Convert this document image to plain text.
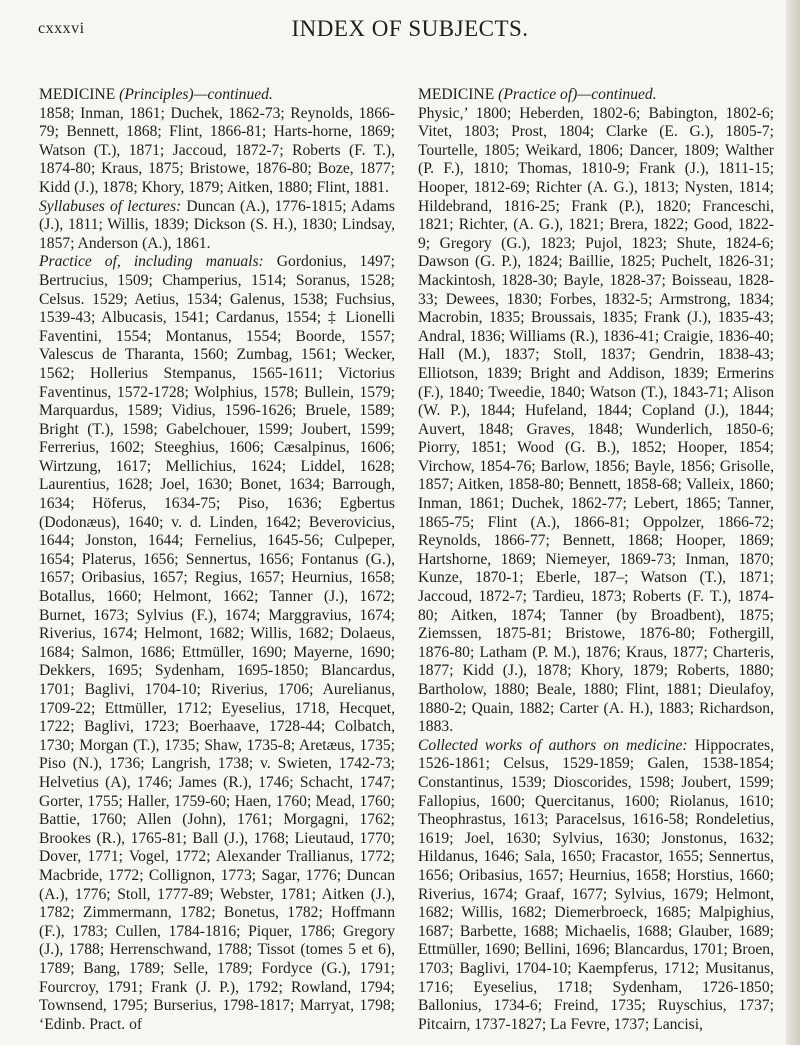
cxxxvi	INDEX OF SUBJECTS.

MEDICINE (Principles)—continued.

1858; Inman, 1861; Duchek, 1862-73; Reynolds, 1866-79; Bennett, 1868; Flint, 1866-81; Harts-horne, 1869; Watson (T.), 1871; Jaccoud, 1872-7; Roberts (F. T.), 1874-80; Kraus, 1875; Bristowe, 1876-80; Boze, 1877; Kidd (J.), 1878; Khory, 1879; Aitken, 1880; Flint, 1881.

Syllabuses of lectures: Duncan (A.), 1776-1815; Adams (J.), 1811; Willis, 1839; Dickson (S. H.), 1830; Lindsay, 1857; Anderson (A.), 1861.

Practice of, including manuals: Gordonius, 1497; Bertrucius, 1509; Champerius, 1514; Soranus, 1528; Celsus. 1529; Aetius, 1534; Galenus, 1538; Fuchsius, 1539-43; Albucasis, 1541; Cardanus, 1554; ‡ Lionelli Faventini, 1554; Montanus, 1554; Boorde, 1557; Valescus de Tharanta, 1560; Zumbag, 1561; Wecker, 1562; Hollerius Stempanus, 1565-1611; Victorius Faventinus, 1572-1728; Wolphius, 1578; Bullein, 1579; Marquardus, 1589; Vidius, 1596-1626; Bruele, 1589; Bright (T.), 1598; Gabelchouer, 1599; Joubert, 1599; Ferrerius, 1602; Steeghius, 1606; Cæsalpinus, 1606; Wirtzung, 1617; Mellichius, 1624; Liddel, 1628; Laurentius, 1628; Joel, 1630; Bonet, 1634; Barrough, 1634; Höferus, 1634-75; Piso, 1636; Egbertus (Dodonæus), 1640; v. d. Linden, 1642; Beverovicius, 1644; Jonston, 1644; Fernelius, 1645-56; Culpeper, 1654; Platerus, 1656; Sennertus, 1656; Fontanus (G.), 1657; Oribasius, 1657; Regius, 1657; Heurnius, 1658; Botallus, 1660; Helmont, 1662; Tanner (J.), 1672; Burnet, 1673; Sylvius (F.), 1674; Marggravius, 1674; Riverius, 1674; Helmont, 1682; Willis, 1682; Dolaeus, 1684; Salmon, 1686; Ettmüller, 1690; Mayerne, 1690; Dekkers, 1695; Sydenham, 1695-1850; Blancardus, 1701; Baglivi, 1704-10; Riverius, 1706; Aurelianus, 1709-22; Ettmüller, 1712; Eyeselius, 1718, Hecquet, 1722; Baglivi, 1723; Boerhaave, 1728-44; Colbatch, 1730; Morgan (T.), 1735; Shaw, 1735-8; Aretæus, 1735; Piso (N.), 1736; Langrish, 1738; v. Swieten, 1742-73; Helvetius (A), 1746; James (R.), 1746; Schacht, 1747; Gorter, 1755; Haller, 1759-60; Haen, 1760; Mead, 1760; Battie, 1760; Allen (John), 1761; Morgagni, 1762; Brookes (R.), 1765-81; Ball (J.), 1768; Lieutaud, 1770; Dover, 1771; Vogel, 1772; Alexander Trallianus, 1772; Macbride, 1772; Collignon, 1773; Sagar, 1776; Duncan (A.), 1776; Stoll, 1777-89; Webster, 1781; Aitken (J.), 1782; Zimmermann, 1782; Bonetus, 1782; Hoffmann (F.), 1783; Cullen, 1784-1816; Piquer, 1786; Gregory (J.), 1788; Herrenschwand, 1788; Tissot (tomes 5 et 6), 1789; Bang, 1789; Selle, 1789; Fordyce (G.), 1791; Fourcroy, 1791; Frank (J. P.), 1792; Rowland, 1794; Townsend, 1795; Burserius, 1798-1817; Marryat, 1798; ‘Edinb. Pract. of

MEDICINE (Practice of)—continued.

Physic,’ 1800; Heberden, 1802-6; Babington, 1802-6; Vitet, 1803; Prost, 1804; Clarke (E. G.), 1805-7; Tourtelle, 1805; Weikard, 1806; Dancer, 1809; Walther (P. F.), 1810; Thomas, 1810-9; Frank (J.), 1811-15; Hooper, 1812-69; Richter (A. G.), 1813; Nysten, 1814; Hildebrand, 1816-25; Frank (P.), 1820; Franceschi, 1821; Richter, (A. G.), 1821; Brera, 1822; Good, 1822-9; Gregory (G.), 1823; Pujol, 1823; Shute, 1824-6; Dawson (G. P.), 1824; Baillie, 1825; Puchelt, 1826-31; Mackintosh, 1828-30; Bayle, 1828-37; Boisseau, 1828-33; Dewees, 1830; Forbes, 1832-5; Armstrong, 1834; Macrobin, 1835; Broussais, 1835; Frank (J.), 1835-43; Andral, 1836; Williams (R.), 1836-41; Craigie, 1836-40; Hall (M.), 1837; Stoll, 1837; Gendrin, 1838-43; Elliotson, 1839; Bright and Addison, 1839; Ermerins (F.), 1840; Tweedie, 1840; Watson (T.), 1843-71; Alison (W. P.), 1844; Hufeland, 1844; Copland (J.), 1844; Auvert, 1848; Graves, 1848; Wunderlich, 1850-6; Piorry, 1851; Wood (G. B.), 1852; Hooper, 1854; Virchow, 1854-76; Barlow, 1856; Bayle, 1856; Grisolle, 1857; Aitken, 1858-80; Bennett, 1858-68; Valleix, 1860; Inman, 1861; Duchek, 1862-77; Lebert, 1865; Tanner, 1865-75; Flint (A.), 1866-81; Oppolzer, 1866-72; Reynolds, 1866-77; Bennett, 1868; Hooper, 1869; Hartshorne, 1869; Niemeyer, 1869-73; Inman, 1870; Kunze, 1870-1; Eberle, 187–; Watson (T.), 1871; Jaccoud, 1872-7; Tardieu, 1873; Roberts (F. T.), 1874-80; Aitken, 1874; Tanner (by Broadbent), 1875; Ziemssen, 1875-81; Bristowe, 1876-80; Fothergill, 1876-80; Latham (P. M.), 1876; Kraus, 1877; Charteris, 1877; Kidd (J.), 1878; Khory, 1879; Roberts, 1880; Bartholow, 1880; Beale, 1880; Flint, 1881; Dieulafoy, 1880-2; Quain, 1882; Carter (A. H.), 1883; Richardson, 1883.

Collected works of authors on medicine: Hippocrates, 1526-1861; Celsus, 1529-1859; Galen, 1538-1854; Constantinus, 1539; Dioscorides, 1598; Joubert, 1599; Fallopius, 1600; Quercitanus, 1600; Riolanus, 1610; Theophrastus, 1613; Paracelsus, 1616-58; Rondeletius, 1619; Joel, 1630; Sylvius, 1630; Jonstonus, 1632; Hildanus, 1646; Sala, 1650; Fracastor, 1655; Sennertus, 1656; Oribasius, 1657; Heurnius, 1658; Horstius, 1660; Riverius, 1674; Graaf, 1677; Sylvius, 1679; Helmont, 1682; Willis, 1682; Diemerbroeck, 1685; Malpighius, 1687; Barbette, 1688; Michaelis, 1688; Glauber, 1689; Ettmüller, 1690; Bellini, 1696; Blancardus, 1701; Broen, 1703; Baglivi, 1704-10; Kaempferus, 1712; Musitanus, 1716; Eyeselius, 1718; Sydenham, 1726-1850; Ballonius, 1734-6; Freind, 1735; Ruyschius, 1737; Pitcairn, 1737-1827; La Fevre, 1737; Lancisi,
